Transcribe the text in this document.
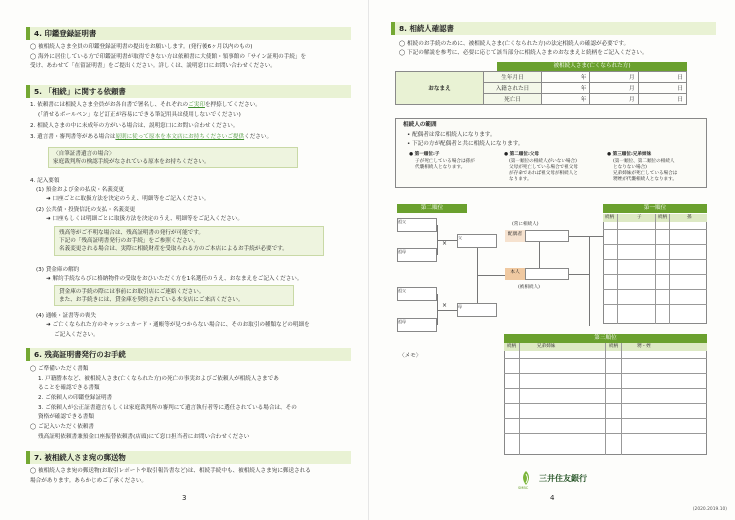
4. 印鑑登録証明書
◯ 被相続人さま全員の印鑑登録証明書の提出をお願いします。(発行後6ヶ月以内のもの)
◯ 海外に居住している方で印鑑証明書が取得できない方は依頼書に大使館・領事館の「サイン証明の手続」を
受け、あわせて「在留証明書」をご提出ください。詳しくは、説明窓口にお問い合わせください。
5. 「相続」に関する依頼書
1. 依頼書には相続人さま全員がお各自書で署名し、それぞれのご実印を押捺してください。
(「消せるボールペン」など訂正が容易にできる筆記用具は使用しないでください)
2. 相続人さまの中に未成年の方がいる場合は、説明窓口にお問い合わせください。
3. 遺言書・審判書等がある場合は原則に従って原本を本文店にお持ちくださいご提供ください。
〈自筆証書遺言の場合〉
家庭裁判所の検認手続がなされている原本をお持ちください。
4. 記入要領
(1) 預金および金の払戻・名義変更
➜ 口座ごとに取扱方法を決定のうえ、明細等をご記入ください。
(2) 公共債・投資信託の支払・名義変更
➜ 口座もしくは明細ごとに取扱方法を決定のうえ、明細等をご記入ください。
残高等がご不明な場合は、残高証明書の発行が可能です。
下記の「残高証明書発行のお手続」をご参照ください。
名義変更される場合は、実際に相続財産を受取られる方のご本店によるお手続が必要です。
(3) 貸金庫の解約
➜ 解約手続ならびに格納物件の受取をおひいただく方を1名選任のうえ、おなまえをご記入ください。
貸金庫の手続の際には事前にお取引店にご連絡ください。
また、お手続きには、貸金庫を契約されている本支店にご来店ください。
(4) 通帳・証書等の喪失
➜ ご亡くなられた方のキャッシュカード・通帳等が見つからない場合に、そのお取引の種類などの明細を
ご記入ください。
6. 残高証明書発行のお手続
◯ ご準備いただく書類
1. 戸籍謄本など、被相続人さま(亡くなられた方)の死亡の事実およびご依頼人が相続人さまであ
ることを確認できる書類
2. ご依頼人の印鑑登録証明書
3. ご依頼人が公正証書遺言もしくは家庭裁判所の審判にて遺言執行者等に選任されている場合は、その
資格が確認できる書類
◯ ご記入いただく依頼書
残高証明依頼書兼預金口座振替依頼書(店頭)にて窓口担当者にお問い合わせください
7. 被相続人さま宛の郵送物
◯ 被相続人さま宛の郵送物(お取引レポートや取引報告書など)は、相続手続中も、被相続人さま宛に郵送される
場合があります。あらかじめご了承ください。
3
8. 相続人確認書
◯ 相続のお手続のために、被相続人さま(亡くなられた方)の法定相続人の確認が必要です。
◯ 下記の解説を参考に、必要に応じて該当部分に相続人さまのおなまえと続柄をご記入ください。
被相続人さま(亡くなられた方)
おなまえ	生年月日	年	月	日
	入籍された日	年	月	日
	死亡日	年	月	日
相続人の範囲
• 配偶者は常に相続人になります。
• 下記の方が配偶者と共に相続人になります。
● 第一順位:子
子が死亡している場合は孫が
代襲相続人となります。
● 第二順位:父母
(第一順位の相続人がいない場合)
父母が死亡している場合で祖父母
が存命であれば祖父母が相続人と
なります。
● 第三順位:兄弟姉妹
(第一順位、第二順位の相続人
となりない場合)
兄弟姉妹が死亡している場合は
甥姪が代襲相続人となります。
第二順位
祖父
祖母
祖父
祖母
父
×
母
×
(常に相続人)
配偶者
本人
(被相続人)
第一順位
続柄	子	続柄	孫
第三順位
続柄	兄弟姉妹	続柄	甥・姪
〈メモ〉
SMBC
三井住友銀行
4
(2020.2019.10)
